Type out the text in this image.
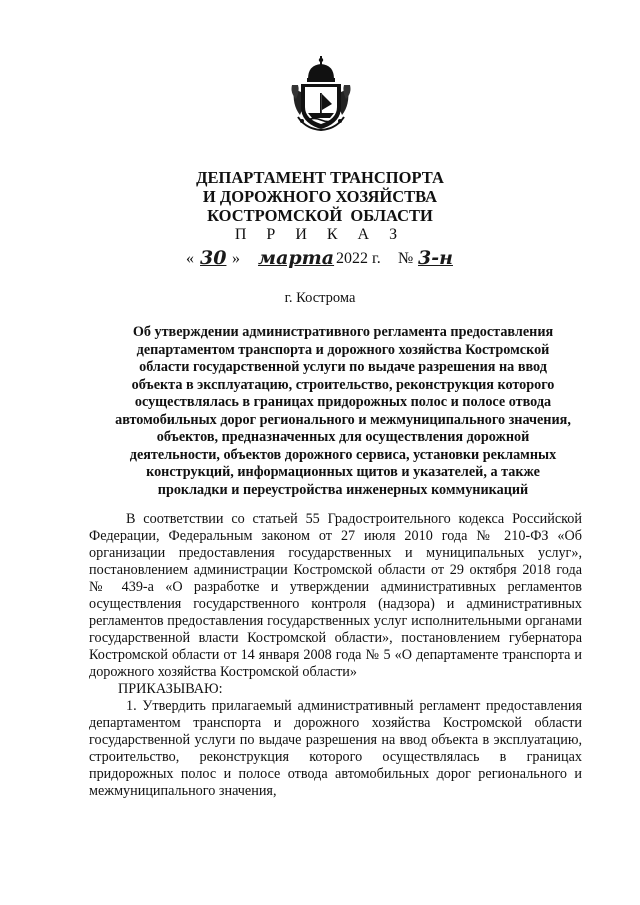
ДЕПАРТАМЕНТ ТРАНСПОРТА
И ДОРОЖНОГО ХОЗЯЙСТВА
КОСТРОМСКОЙ  ОБЛАСТИ
П Р И К А З
« 30 » марта 2022 г. № 3-н
г. Кострома
Об утверждении административного регламента предоставления департаментом транспорта и дорожного хозяйства Костромской области государственной услуги по выдаче разрешения на ввод объекта в эксплуатацию, строительство, реконструкция которого осуществлялась в границах придорожных полос и полосе отвода автомобильных дорог регионального и межмуниципального значения, объектов, предназначенных для осуществления дорожной деятельности, объектов дорожного сервиса, установки рекламных конструкций, информационных щитов и указателей, а также прокладки и переустройства инженерных коммуникаций

В соответствии со статьей 55 Градостроительного кодекса Российской Федерации, Федеральным законом от 27 июля 2010 года № 210-ФЗ «Об организации предоставления государственных и муниципальных услуг», постановлением администрации Костромской области от 29 октября 2018 года № 439-а «О разработке и утверждении административных регламентов осуществления государственного контроля (надзора) и административных регламентов предоставления государственных услуг исполнительными органами государственной власти Костромской области», постановлением губернатора Костромской области от 14 января 2008 года № 5 «О департаменте транспорта и дорожного хозяйства Костромской области»

ПРИКАЗЫВАЮ:

1. Утвердить прилагаемый административный регламент предоставления департаментом транспорта и дорожного хозяйства Костромской области государственной услуги по выдаче разрешения на ввод объекта в эксплуатацию, строительство, реконструкция которого осуществлялась в границах придорожных полос и полосе отвода автомобильных дорог регионального и межмуниципального значения,
